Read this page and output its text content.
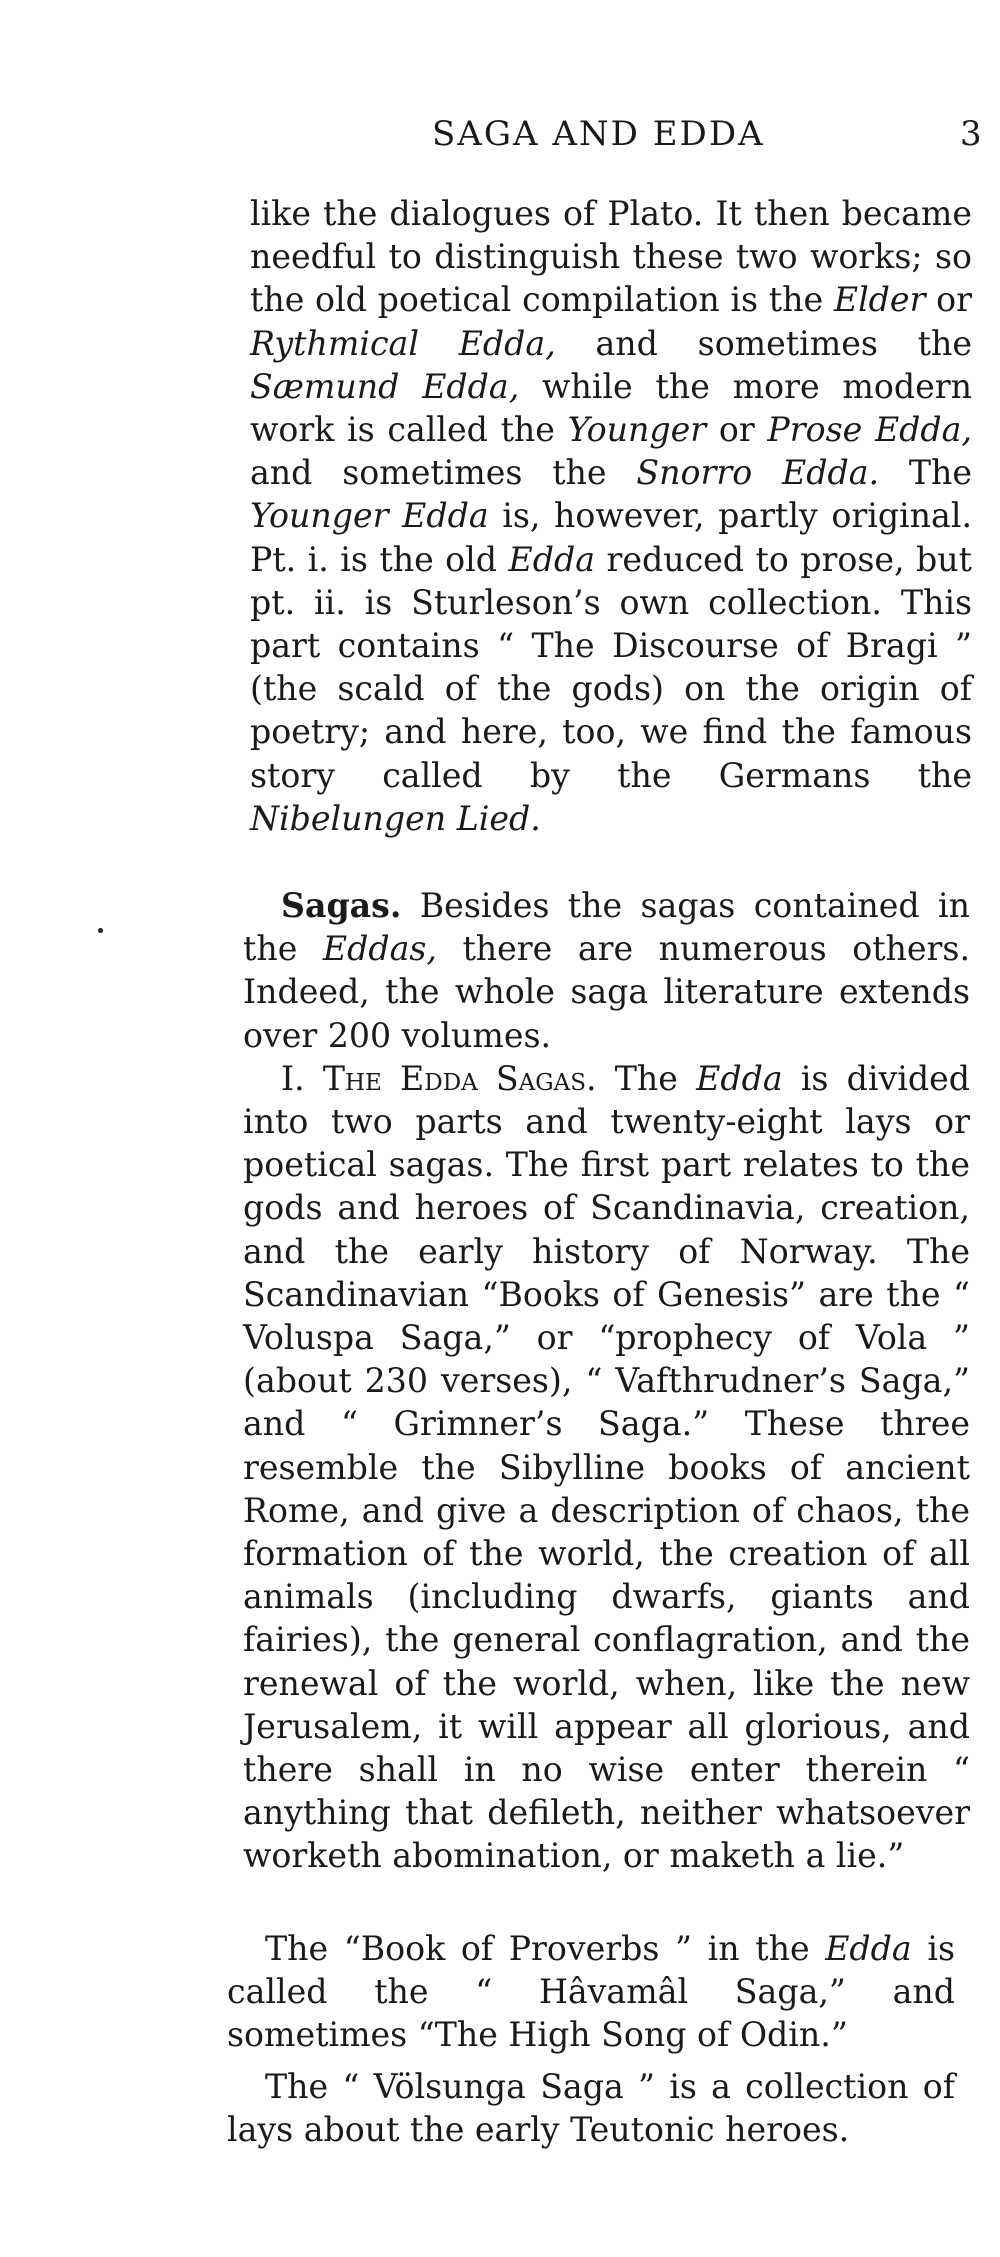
SAGA AND EDDA	3

like the dialogues of Plato. It then became needful to distinguish these two works; so the old poetical compilation is the Elder or Rythmical Edda, and sometimes the Sæmund Edda, while the more modern work is called the Younger or Prose Edda, and sometimes the Snorro Edda. The Younger Edda is, however, partly original. Pt. i. is the old Edda reduced to prose, but pt. ii. is Sturleson’s own collection. This part contains “ The Discourse of Bragi ” (the scald of the gods) on the origin of poetry; and here, too, we find the famous story called by the Germans the Nibelungen Lied.

Sagas. Besides the sagas contained in the Eddas, there are numerous others. Indeed, the whole saga literature extends over 200 volumes.

I. The Edda Sagas. The Edda is divided into two parts and twenty-eight lays or poetical sagas. The first part relates to the gods and heroes of Scandinavia, creation, and the early history of Norway. The Scandinavian “Books of Genesis” are the “ Voluspa Saga,” or “prophecy of Vola ” (about 230 verses), “ Vafthrudner’s Saga,” and “ Grimner’s Saga.” These three resemble the Sibylline books of ancient Rome, and give a description of chaos, the formation of the world, the creation of all animals (including dwarfs, giants and fairies), the general conflagration, and the renewal of the world, when, like the new Jerusalem, it will appear all glorious, and there shall in no wise enter therein “ anything that defileth, neither whatsoever worketh abomination, or maketh a lie.”

The “Book of Proverbs ” in the Edda is called the “ Hâvamâl Saga,” and sometimes “The High Song of Odin.”

The “ Völsunga Saga ” is a collection of lays about the early Teutonic heroes.
